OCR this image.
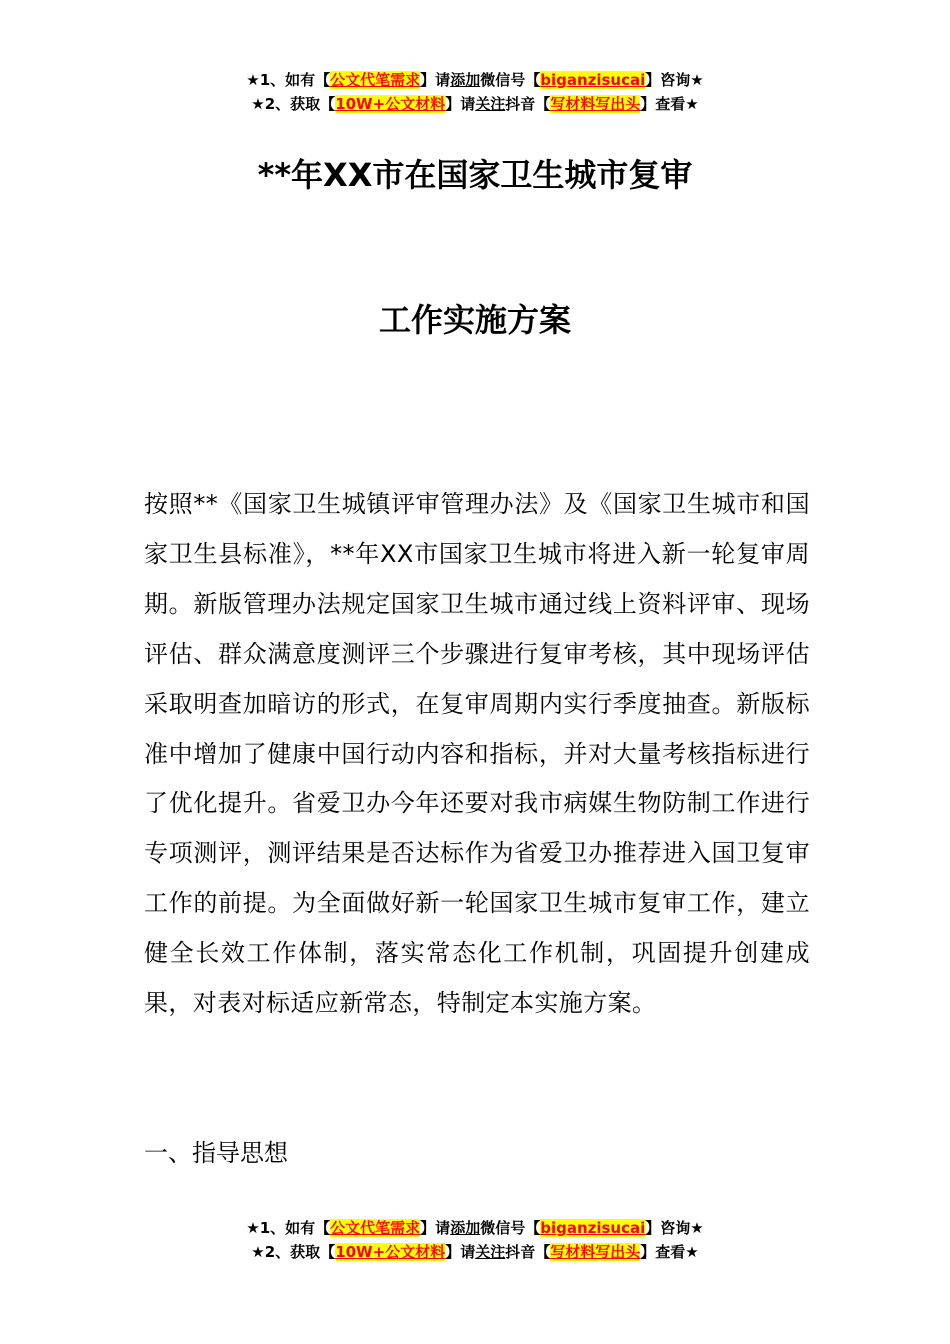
★1、如有【公文代笔需求】请添加微信号【biganzisucai】咨询★
★2、获取【10W+公文材料】请关注抖音【写材料写出头】查看★
**年XX市在国家卫生城市复审
工作实施方案

按照**《国家卫生城镇评审管理办法》及《国家卫生城市和国家卫生县标准》，**年XX市国家卫生城市将进入新一轮复审周期。新版管理办法规定国家卫生城市通过线上资料评审、现场评估、群众满意度测评三个步骤进行复审考核，其中现场评估采取明查加暗访的形式，在复审周期内实行季度抽查。新版标准中增加了健康中国行动内容和指标，并对大量考核指标进行了优化提升。省爱卫办今年还要对我市病媒生物防制工作进行专项测评，测评结果是否达标作为省爱卫办推荐进入国卫复审工作的前提。为全面做好新一轮国家卫生城市复审工作，建立健全长效工作体制，落实常态化工作机制，巩固提升创建成果，对表对标适应新常态，特制定本实施方案。

一、指导思想
★1、如有【公文代笔需求】请添加微信号【biganzisucai】咨询★
★2、获取【10W+公文材料】请关注抖音【写材料写出头】查看★
